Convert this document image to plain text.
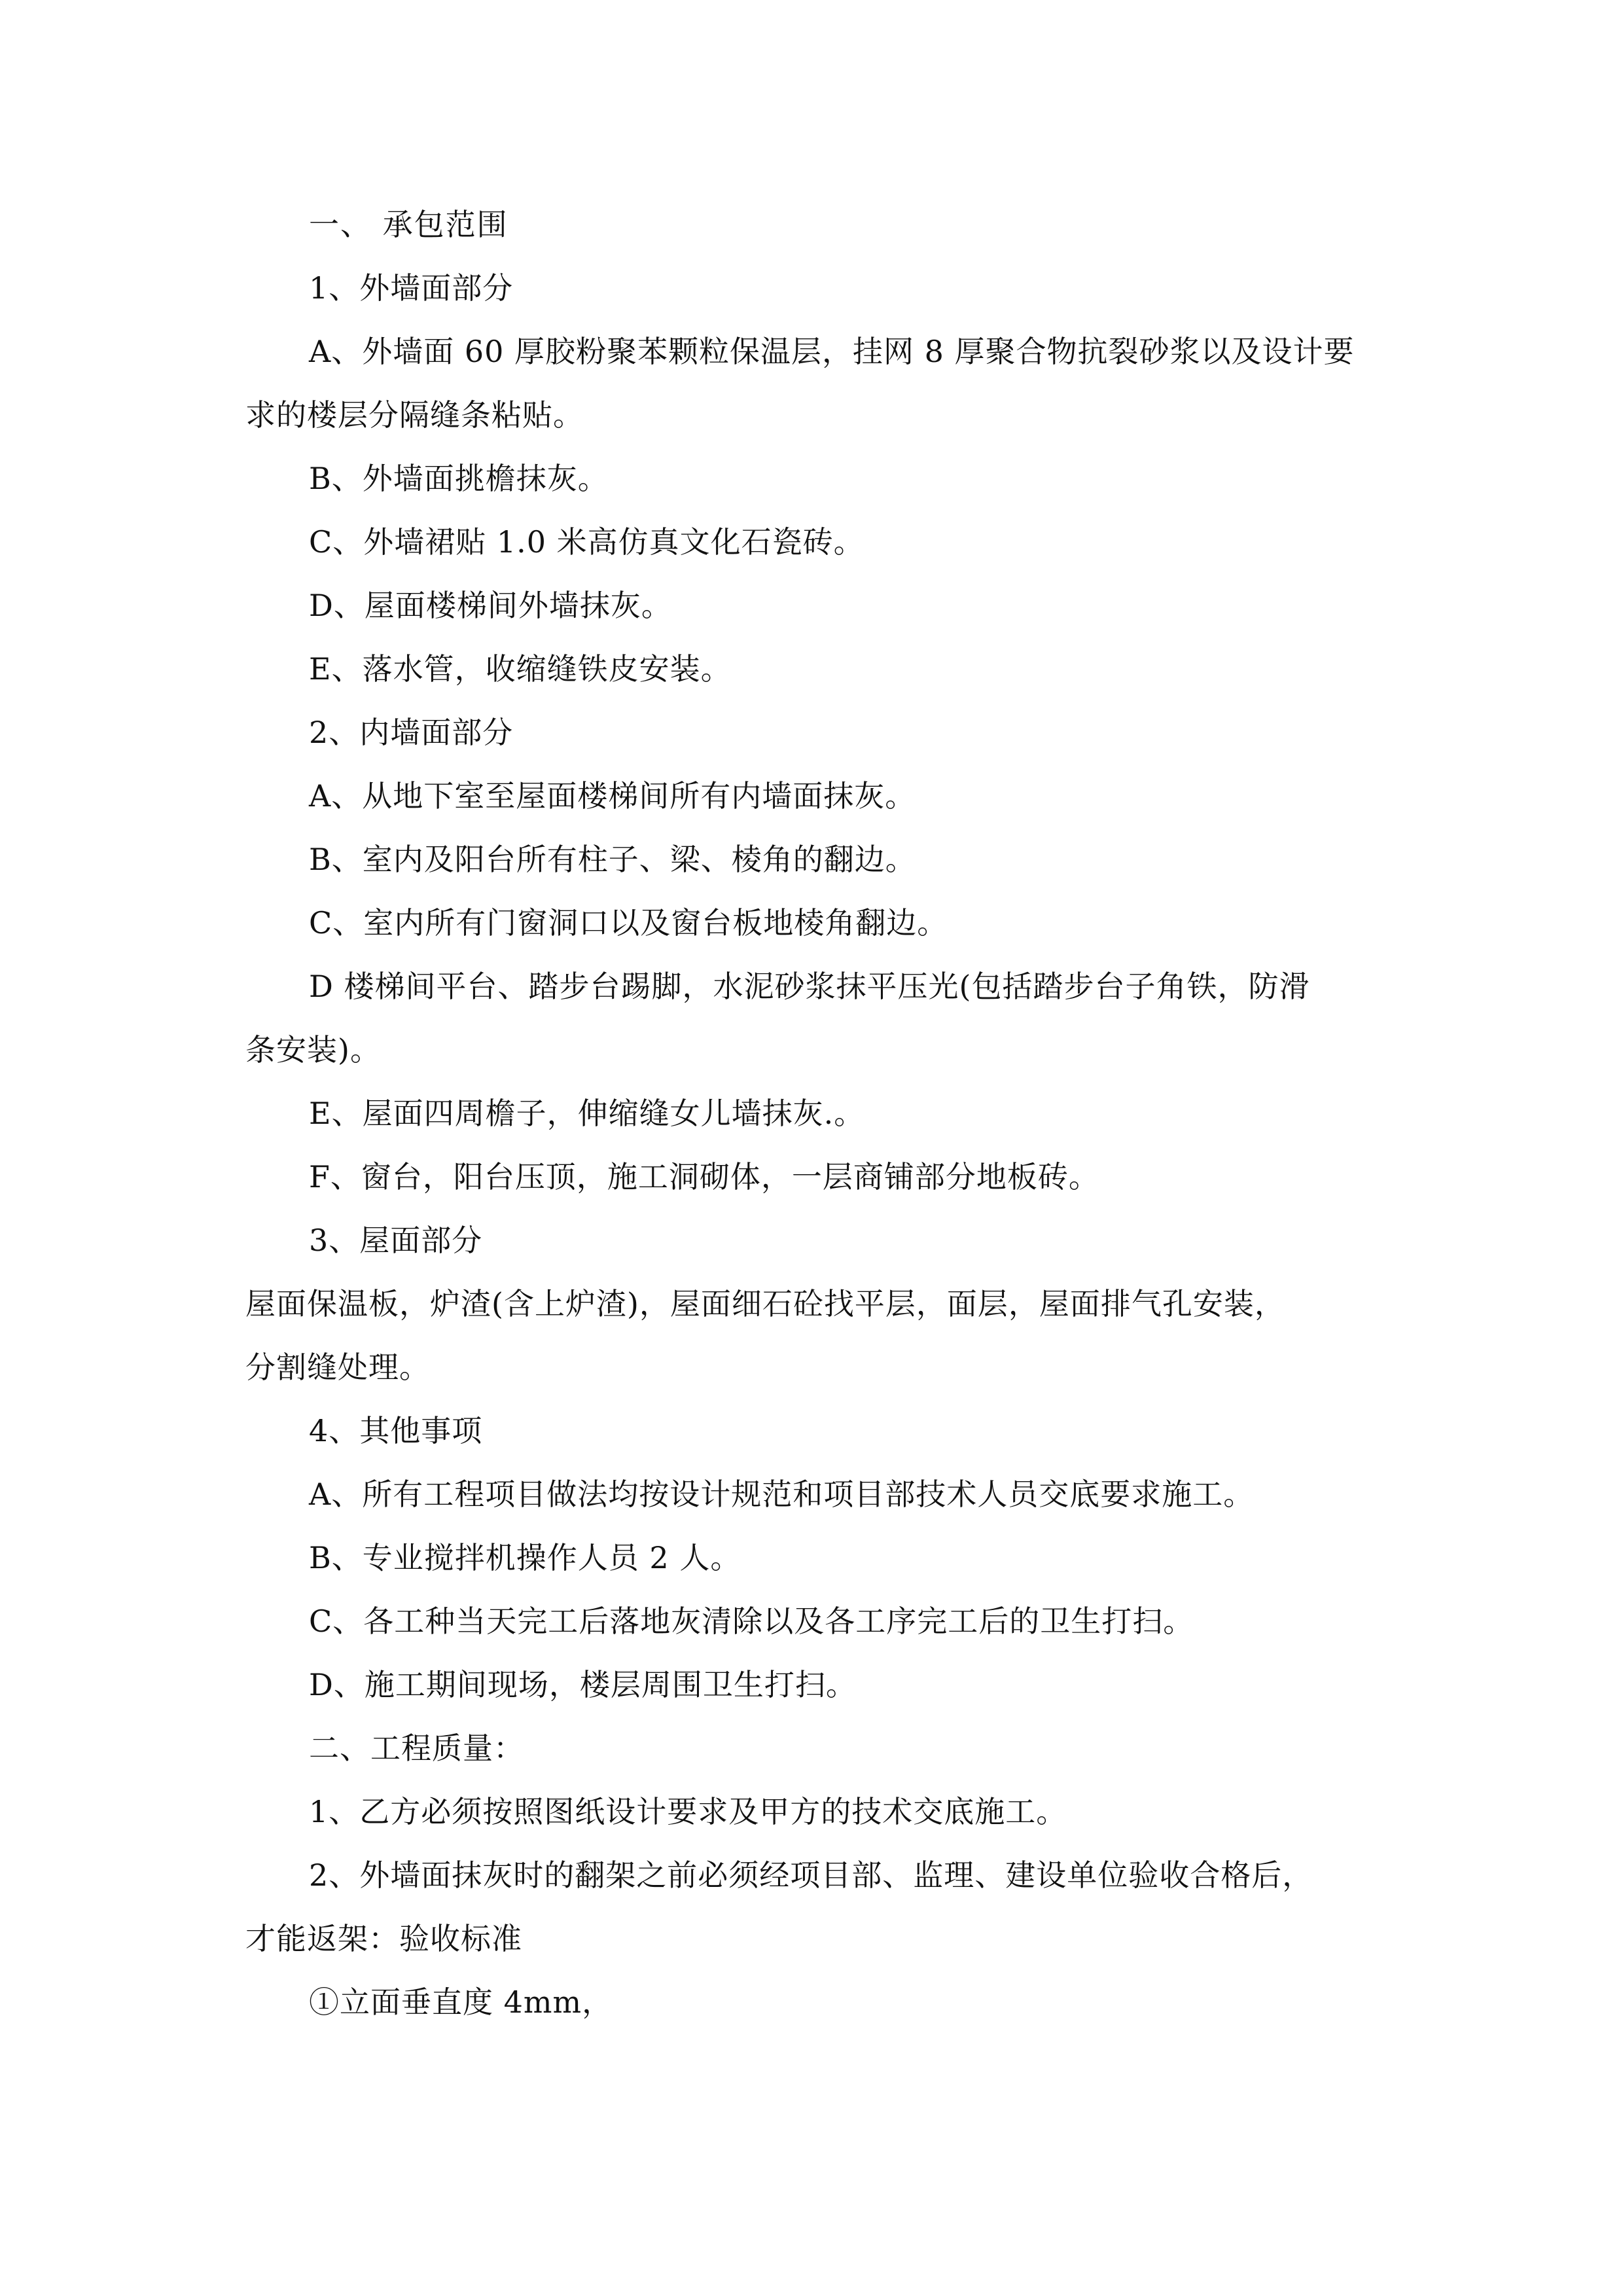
一、 承包范围
1、外墙面部分
A、外墙面 60 厚胶粉聚苯颗粒保温层，挂网 8 厚聚合物抗裂砂浆以及设计要
求的楼层分隔缝条粘贴。
B、外墙面挑檐抹灰。
C、外墙裙贴 1.0 米高仿真文化石瓷砖。
D、屋面楼梯间外墙抹灰。
E、落水管，收缩缝铁皮安装。
2、内墙面部分
A、从地下室至屋面楼梯间所有内墙面抹灰。
B、室内及阳台所有柱子、梁、棱角的翻边。
C、室内所有门窗洞口以及窗台板地棱角翻边。
D 楼梯间平台、踏步台踢脚，水泥砂浆抹平压光(包括踏步台子角铁，防滑
条安装)。
E、屋面四周檐子，伸缩缝女儿墙抹灰.。
F、窗台，阳台压顶，施工洞砌体，一层商铺部分地板砖。
3、屋面部分
屋面保温板，炉渣(含上炉渣)，屋面细石砼找平层，面层，屋面排气孔安装，
分割缝处理。
4、其他事项
A、所有工程项目做法均按设计规范和项目部技术人员交底要求施工。
B、专业搅拌机操作人员 2 人。
C、各工种当天完工后落地灰清除以及各工序完工后的卫生打扫。
D、施工期间现场，楼层周围卫生打扫。
二、工程质量：
1、乙方必须按照图纸设计要求及甲方的技术交底施工。
2、外墙面抹灰时的翻架之前必须经项目部、监理、建设单位验收合格后，
才能返架：验收标准
①立面垂直度 4mm，
